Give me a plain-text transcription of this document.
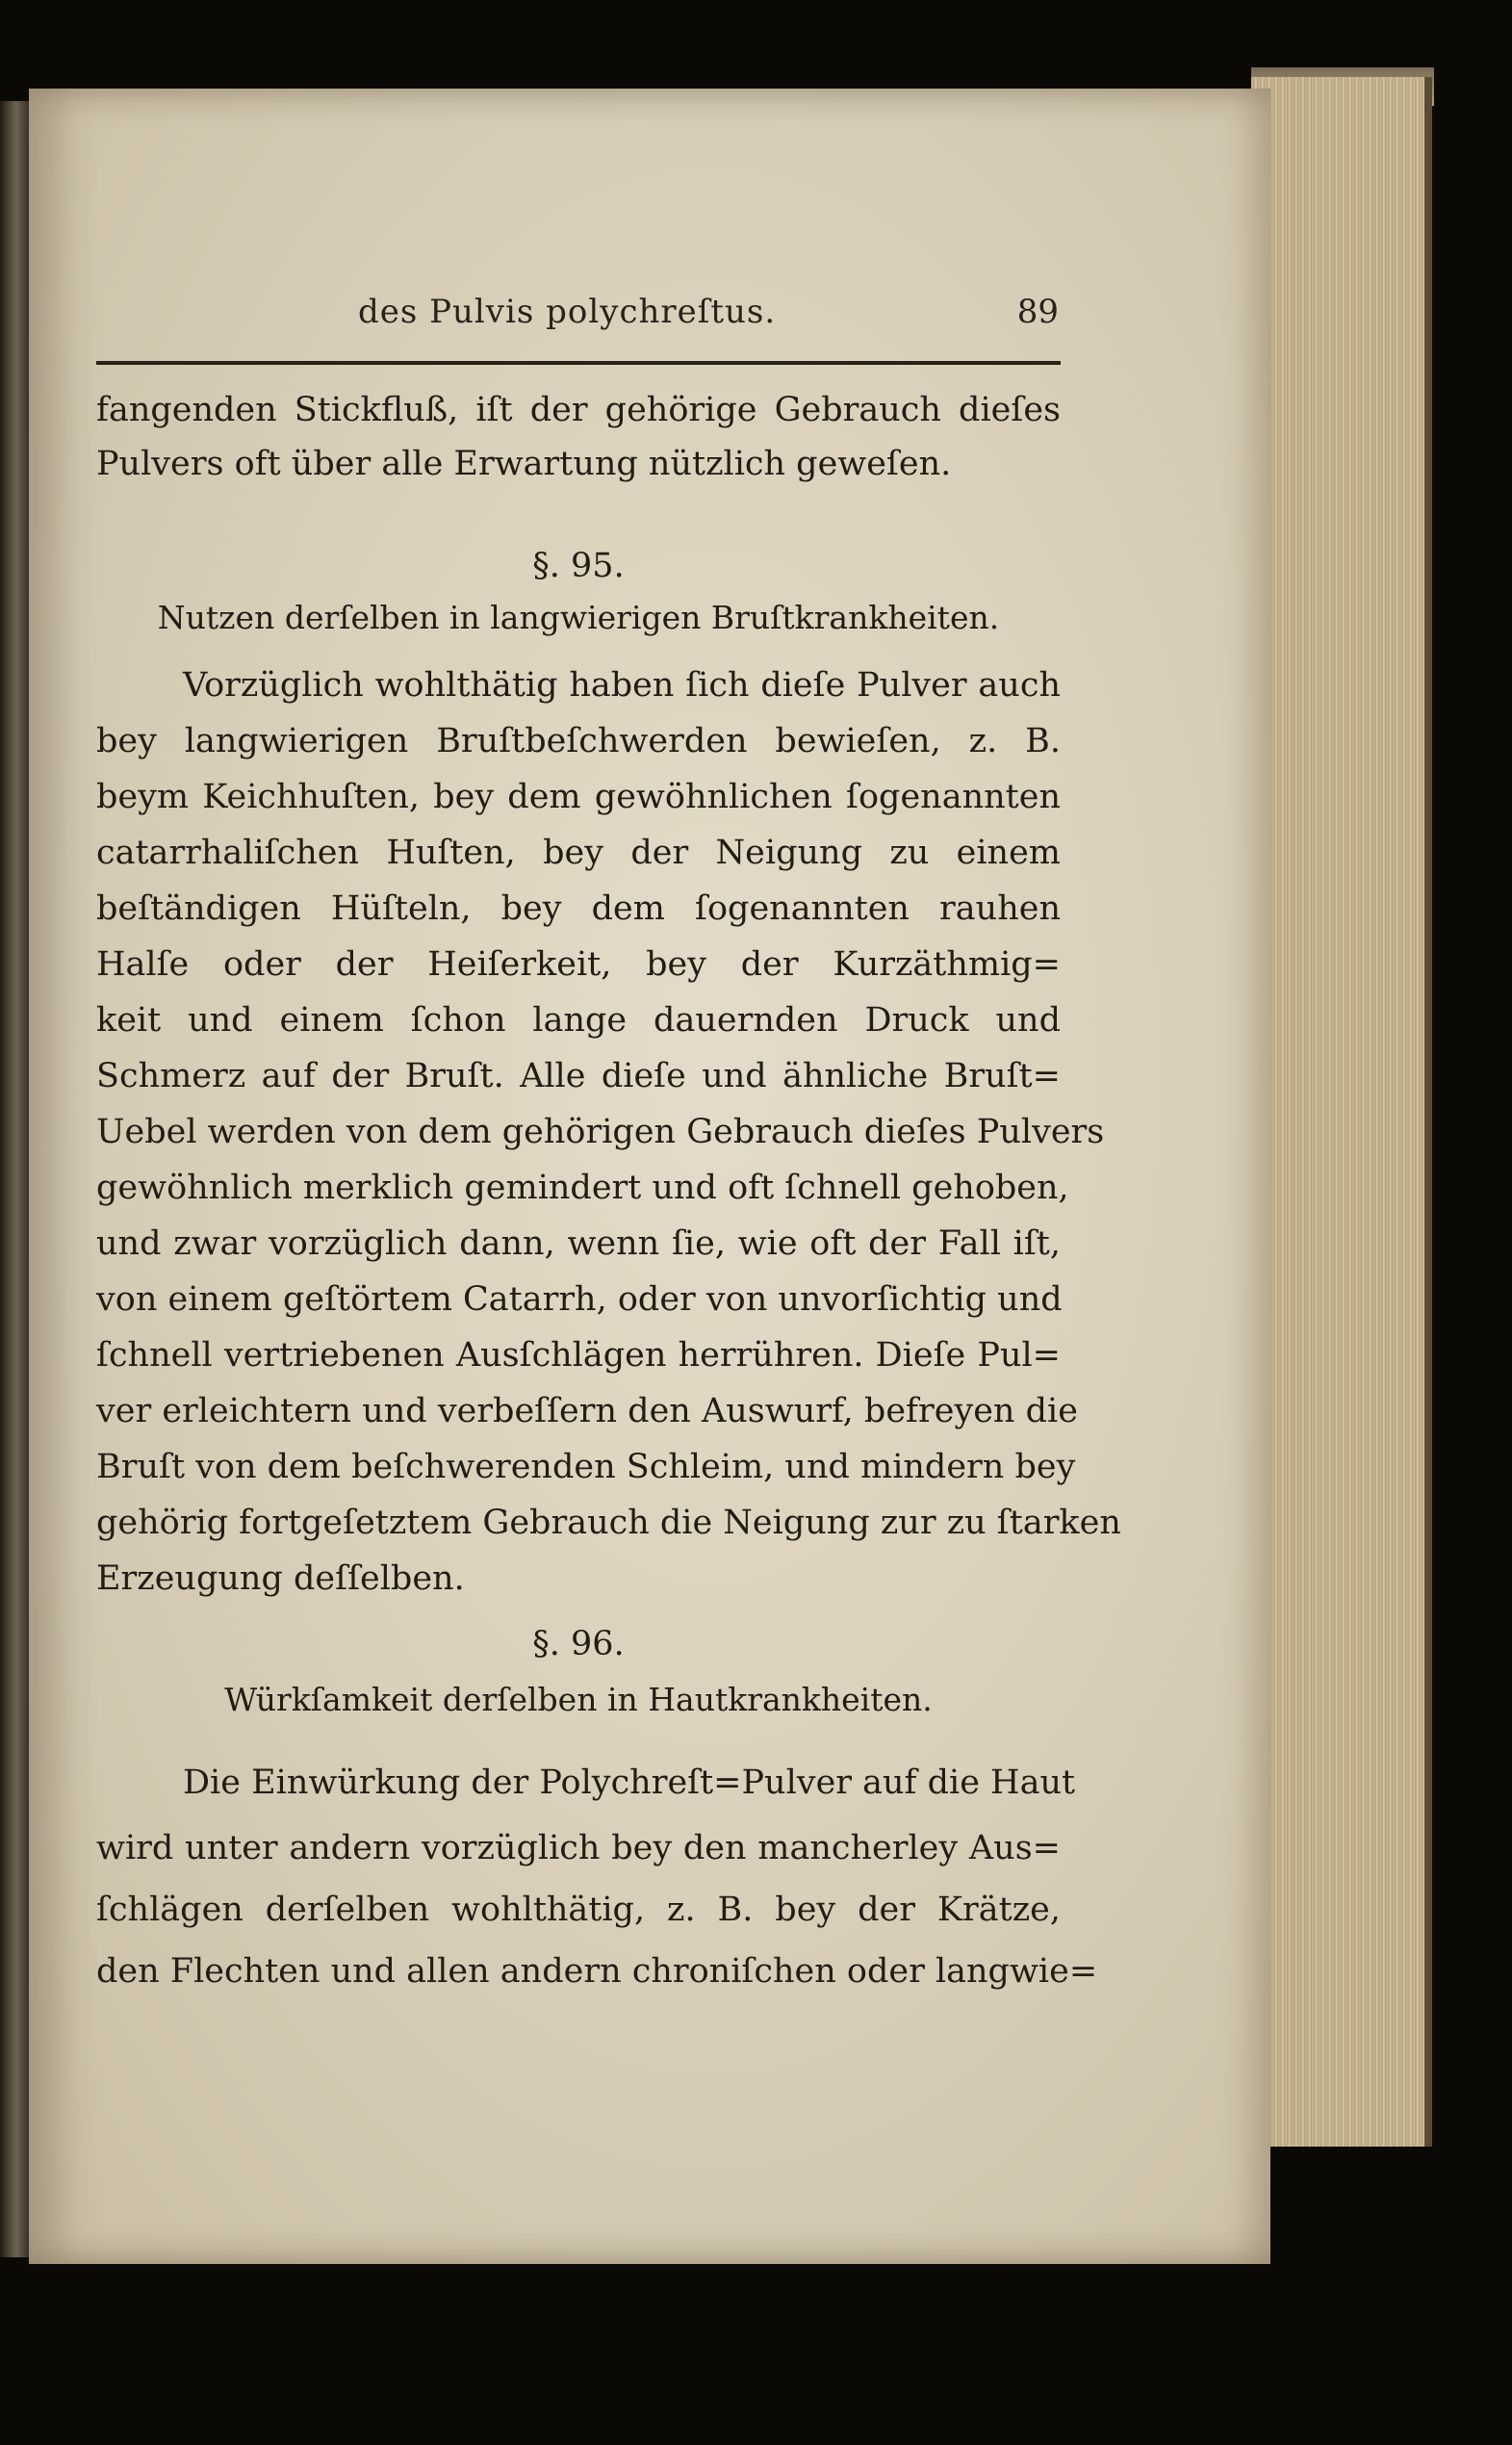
des Pulvis polychreſtus.	89
fangenden Stickfluß, iſt der gehörige Gebrauch dieſes
Pulvers oft über alle Erwartung nützlich geweſen.
§. 95.
Nutzen derſelben in langwierigen Bruſtkrankheiten.
Vorzüglich wohlthätig haben ſich dieſe Pulver auch
bey langwierigen Bruſtbeſchwerden bewieſen, z. B.
beym Keichhuſten, bey dem gewöhnlichen ſogenannten
catarrhaliſchen Huſten, bey der Neigung zu einem
beſtändigen Hüſteln, bey dem ſogenannten rauhen
Halſe oder der Heiſerkeit, bey der Kurzäthmig=
keit und einem ſchon lange dauernden Druck und
Schmerz auf der Bruſt. Alle dieſe und ähnliche Bruſt=
Uebel werden von dem gehörigen Gebrauch dieſes Pulvers
gewöhnlich merklich gemindert und oft ſchnell gehoben,
und zwar vorzüglich dann, wenn ſie, wie oft der Fall iſt,
von einem geſtörtem Catarrh, oder von unvorſichtig und
ſchnell vertriebenen Ausſchlägen herrühren. Dieſe Pul=
ver erleichtern und verbeſſern den Auswurf, befreyen die
Bruſt von dem beſchwerenden Schleim, und mindern bey
gehörig fortgeſetztem Gebrauch die Neigung zur zu ſtarken
Erzeugung deſſelben.
§. 96.
Würkſamkeit derſelben in Hautkrankheiten.
Die Einwürkung der Polychreſt=Pulver auf die Haut
wird unter andern vorzüglich bey den mancherley Aus=
ſchlägen derſelben wohlthätig, z. B. bey der Krätze,
den Flechten und allen andern chroniſchen oder langwie=
